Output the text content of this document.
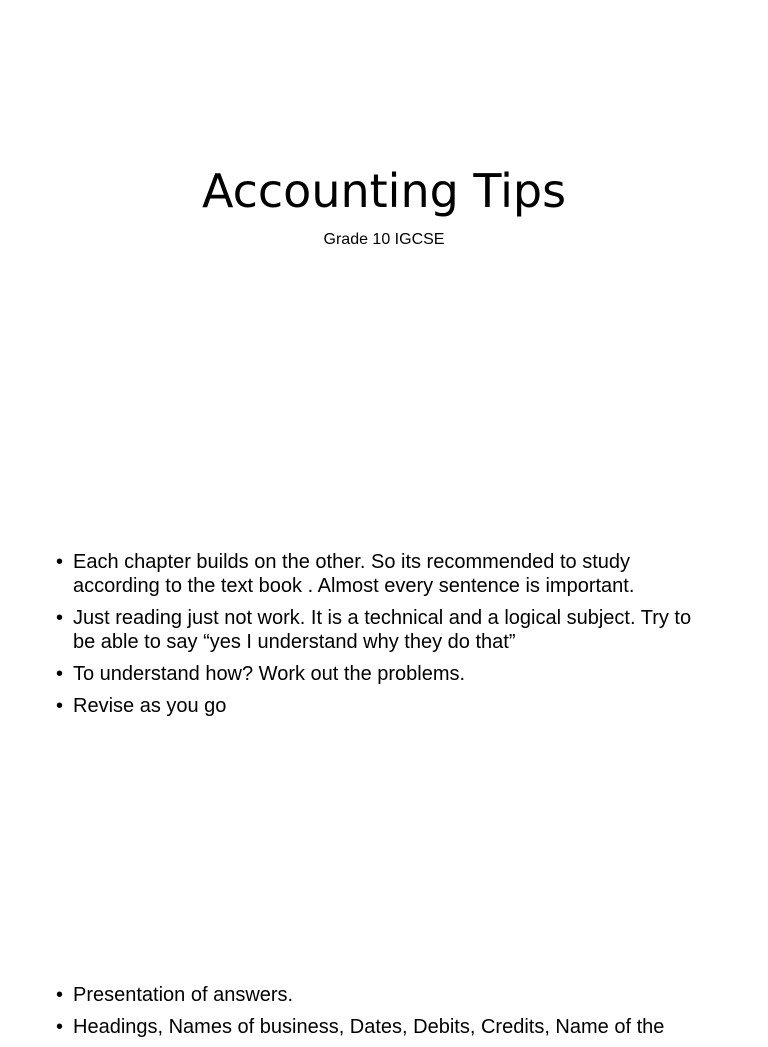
Accounting Tips
Grade 10 IGCSE
• Each chapter builds on the other. So its recommended to study according to the text book . Almost every sentence is important.
• Just reading just not work. It is a technical and a logical subject. Try to be able to say “yes I understand why they do that”
• To understand how? Work out the problems.
• Revise as you go
• Presentation of answers.
• Headings, Names of business, Dates, Debits, Credits, Name of the
